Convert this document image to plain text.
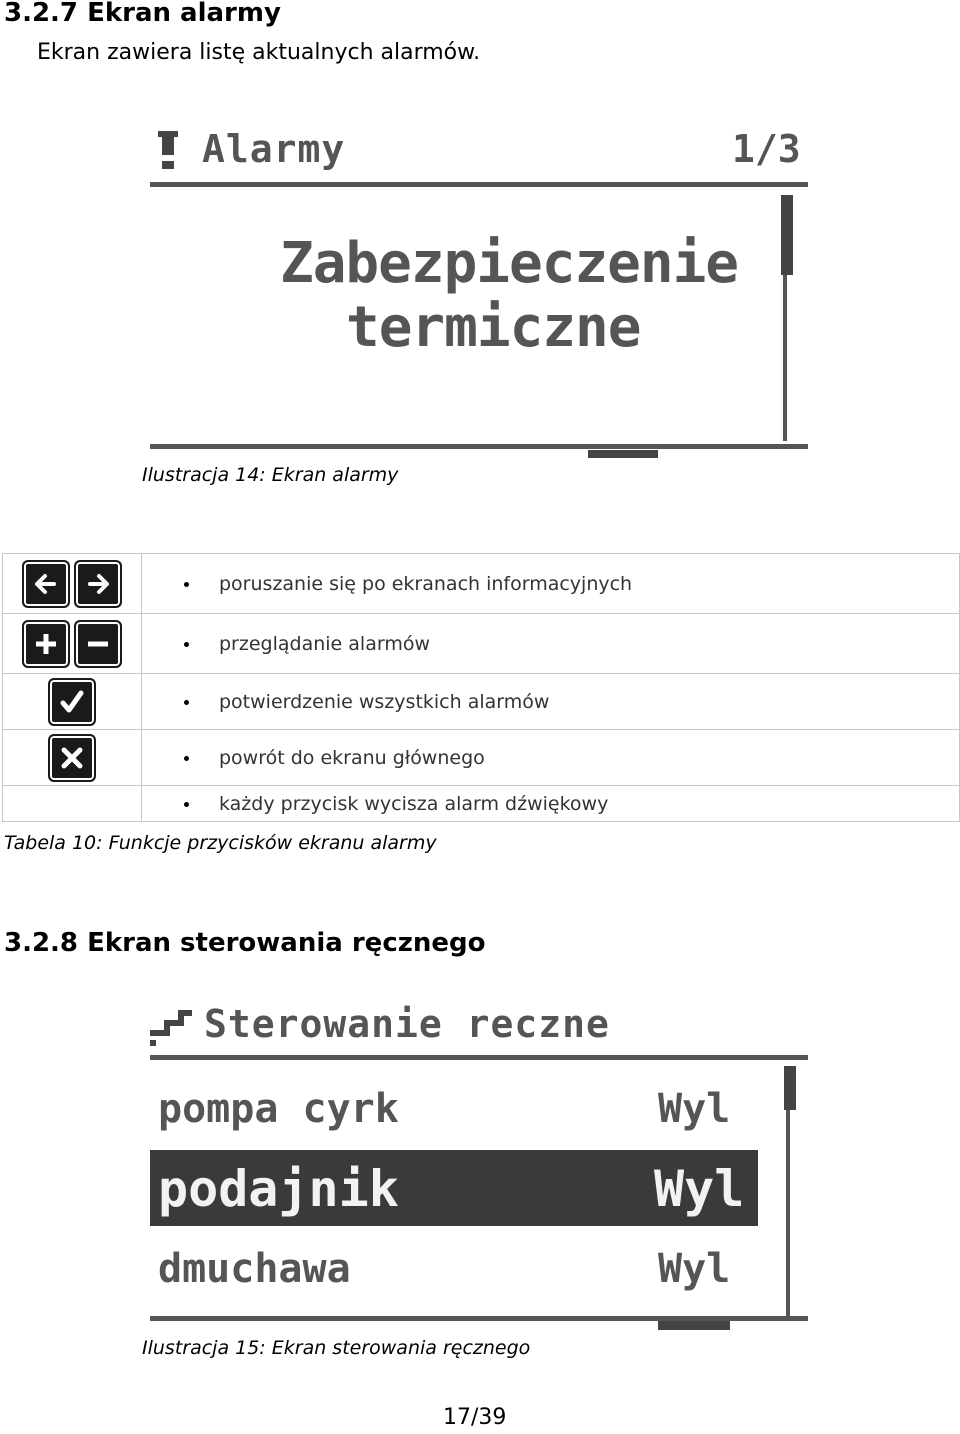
3.2.7 Ekran alarmy
Ekran zawiera listę aktualnych alarmów.
Alarmy	1/3
Zabezpieczenie
termiczne
Ilustracja 14: Ekran alarmy

poruszanie się po ekranach informacyjnych

przeglądanie alarmów

potwierdzenie wszystkich alarmów

powrót do ekranu głównego

	każdy przycisk wycisza alarm dźwiękowy
Tabela 10: Funkcje przycisków ekranu alarmy
3.2.8 Ekran sterowania ręcznego
Sterowanie reczne
pompa cyrk	Wyl
podajnik	Wyl
dmuchawa	Wyl
Ilustracja 15: Ekran sterowania ręcznego
17/39
